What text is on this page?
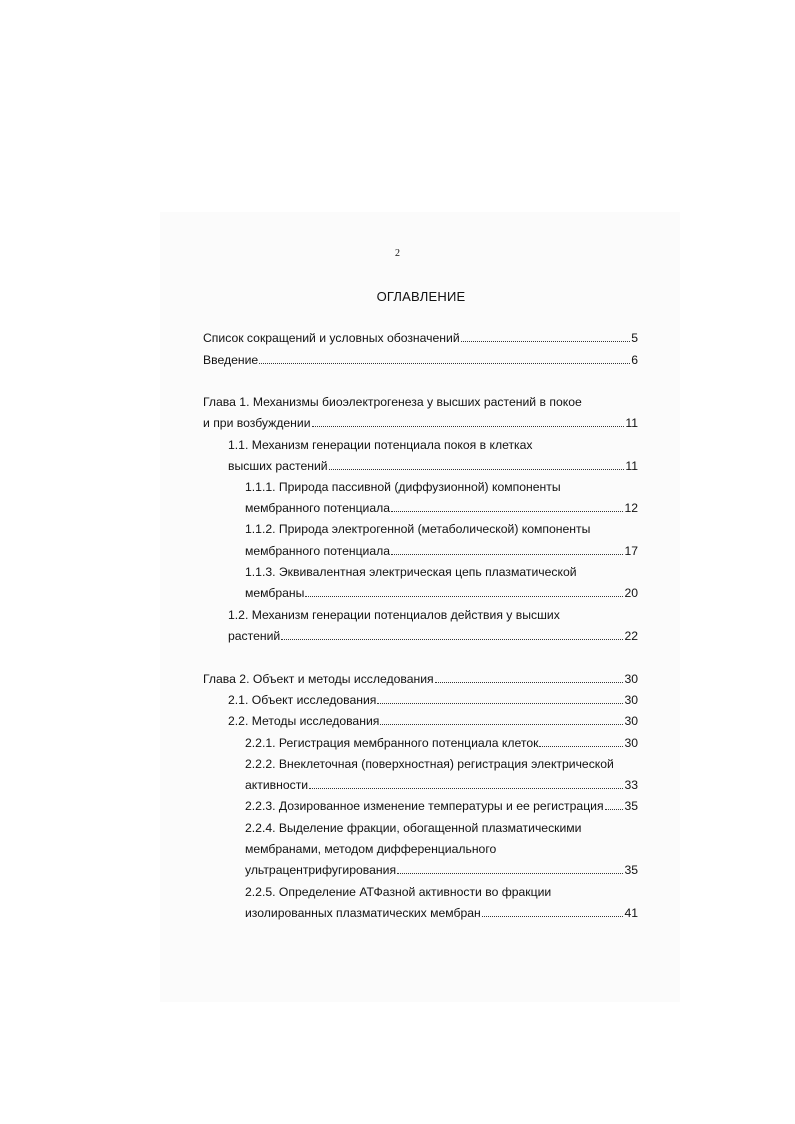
2
ОГЛАВЛЕНИЕ
Список сокращений и условных обозначений	5
Введение	6
Глава 1. Механизмы биоэлектрогенеза у высших растений в покое
и при возбуждении	11
1.1. Механизм генерации потенциала покоя в клетках
высших растений	11
1.1.1. Природа пассивной (диффузионной) компоненты
мембранного потенциала	12
1.1.2. Природа электрогенной (метаболической) компоненты
мембранного потенциала	17
1.1.3. Эквивалентная электрическая цепь плазматической
мембраны	20
1.2. Механизм генерации потенциалов действия у высших
растений	22
Глава 2. Объект и методы исследования	30
2.1. Объект исследования	30
2.2. Методы исследования	30
2.2.1. Регистрация мембранного потенциала клеток	30
2.2.2. Внеклеточная (поверхностная) регистрация электрической
активности	33
2.2.3. Дозированное изменение температуры и ее регистрация 35
2.2.4. Выделение фракции, обогащенной плазматическими
мембранами, методом дифференциального
ультрацентрифугирования	35
2.2.5. Определение АТФазной активности во фракции
изолированных плазматических мембран	41
